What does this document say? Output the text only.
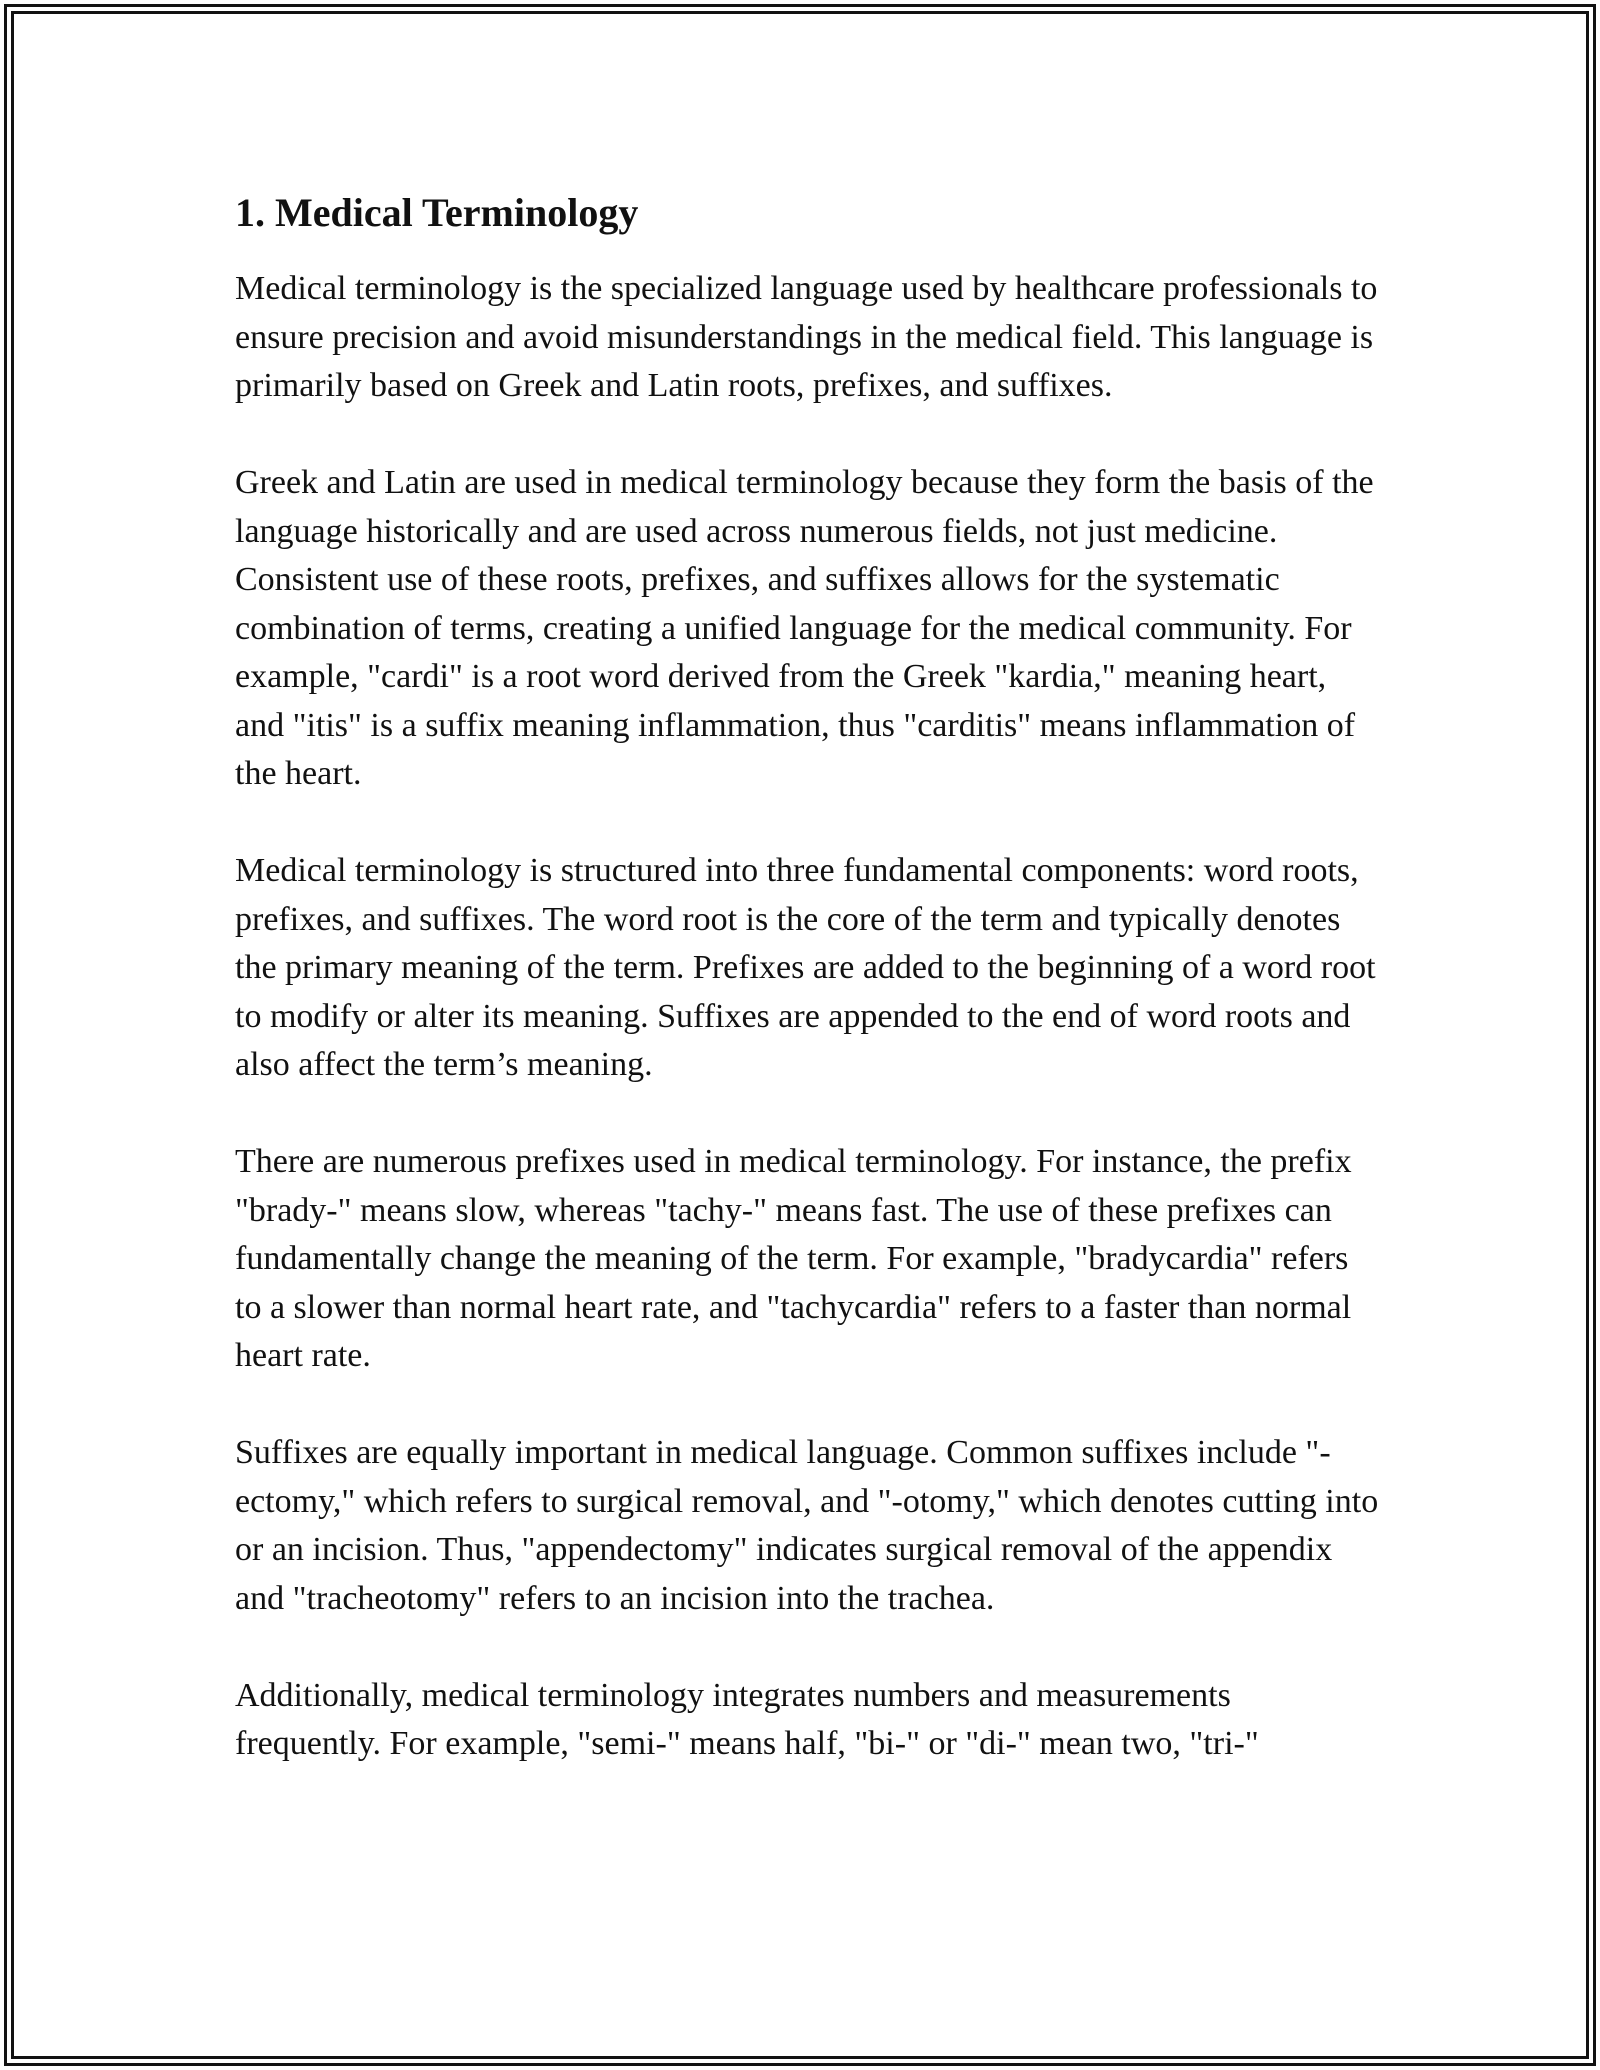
1. Medical Terminology

Medical terminology is the specialized language used by healthcare professionals to ensure precision and avoid misunderstandings in the medical field. This language is primarily based on Greek and Latin roots, prefixes, and suffixes.

Greek and Latin are used in medical terminology because they form the basis of the language historically and are used across numerous fields, not just medicine. Consistent use of these roots, prefixes, and suffixes allows for the systematic combination of terms, creating a unified language for the medical community. For example, "cardi" is a root word derived from the Greek "kardia," meaning heart, and "itis" is a suffix meaning inflammation, thus "carditis" means inflammation of the heart.

Medical terminology is structured into three fundamental components: word roots, prefixes, and suffixes. The word root is the core of the term and typically denotes the primary meaning of the term. Prefixes are added to the beginning of a word root to modify or alter its meaning. Suffixes are appended to the end of word roots and also affect the term’s meaning.

There are numerous prefixes used in medical terminology. For instance, the prefix "brady-" means slow, whereas "tachy-" means fast. The use of these prefixes can fundamentally change the meaning of the term. For example, "bradycardia" refers to a slower than normal heart rate, and "tachycardia" refers to a faster than normal heart rate.

Suffixes are equally important in medical language. Common suffixes include "-ectomy," which refers to surgical removal, and "-otomy," which denotes cutting into or an incision. Thus, "appendectomy" indicates surgical removal of the appendix and "tracheotomy" refers to an incision into the trachea.

Additionally, medical terminology integrates numbers and measurements frequently. For example, "semi-" means half, "bi-" or "di-" mean two, "tri-"
